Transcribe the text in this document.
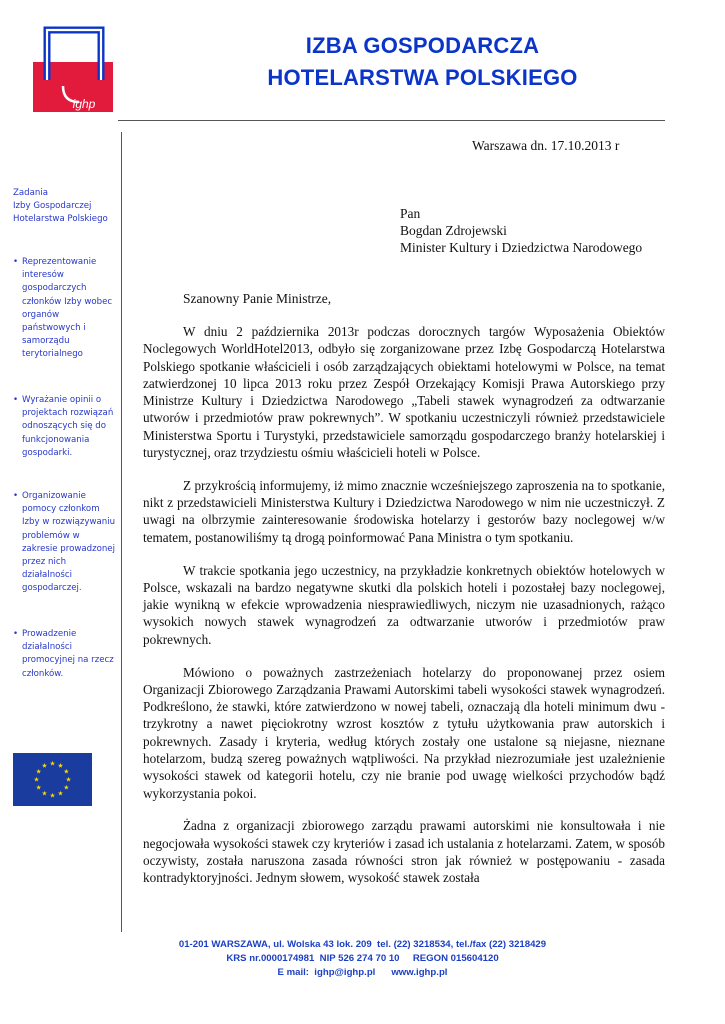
ighp
IZBA GOSPODARCZA
HOTELARSTWA POLSKIEGO
Zadania
Izby Gospodarczej
Hotelarstwa Polskiego
• Reprezentowanie
interesów
gospodarczych
członków Izby wobec
organów
państwowych i
samorządu
terytorialnego
• Wyrażanie opinii o
projektach rozwiązań
odnoszących się do
funkcjonowania
gospodarki.
• Organizowanie
pomocy członkom
Izby w rozwiązywaniu
problemów w
zakresie prowadzonej
przez nich
działalności
gospodarczej.
• Prowadzenie
działalności
promocyjnej na rzecz
członków.
Warszawa dn. 17.10.2013 r
Pan
Bogdan Zdrojewski
Minister Kultury i Dziedzictwa Narodowego
Szanowny Panie Ministrze,

W dniu 2 października 2013r podczas dorocznych targów Wyposażenia Obiektów Noclegowych WorldHotel2013, odbyło się zorganizowane przez Izbę Gospodarczą Hotelarstwa Polskiego spotkanie właścicieli i osób zarządzających obiektami hotelowymi w Polsce, na temat zatwierdzonej 10 lipca 2013 roku przez Zespół Orzekający Komisji Prawa Autorskiego przy Ministrze Kultury i Dziedzictwa Narodowego „Tabeli stawek wynagrodzeń za odtwarzanie utworów i przedmiotów praw pokrewnych”. W spotkaniu uczestniczyli również przedstawiciele Ministerstwa Sportu i Turystyki, przedstawiciele samorządu gospodarczego branży hotelarskiej i turystycznej, oraz trzydziestu ośmiu właścicieli hoteli w Polsce.

Z przykrością informujemy, iż mimo znacznie wcześniejszego zaproszenia na to spotkanie, nikt z przedstawicieli Ministerstwa Kultury i Dziedzictwa Narodowego w nim nie uczestniczył. Z uwagi na olbrzymie zainteresowanie środowiska hotelarzy i gestorów bazy noclegowej w/w tematem, postanowiliśmy tą drogą poinformować Pana Ministra o tym spotkaniu.

W trakcie spotkania jego uczestnicy, na przykładzie konkretnych obiektów hotelowych w Polsce, wskazali na bardzo negatywne skutki dla polskich hoteli i pozostałej bazy noclegowej, jakie wynikną w efekcie wprowadzenia niesprawiedliwych, niczym nie uzasadnionych, rażąco wysokich nowych stawek wynagrodzeń za odtwarzanie utworów i przedmiotów praw pokrewnych.

Mówiono o poważnych zastrzeżeniach hotelarzy do proponowanej przez osiem Organizacji Zbiorowego Zarządzania Prawami Autorskimi tabeli wysokości stawek wynagrodzeń. Podkreślono, że stawki, które zatwierdzono w nowej tabeli, oznaczają dla hoteli minimum dwu - trzykrotny a nawet pięciokrotny wzrost kosztów z tytułu użytkowania praw autorskich i pokrewnych. Zasady i kryteria, według których zostały one ustalone są niejasne, nieznane hotelarzom, budzą szereg poważnych wątpliwości. Na przykład niezrozumiałe jest uzależnienie wysokości stawek od kategorii hotelu, czy nie branie pod uwagę wielkości przychodów bądź wykorzystania pokoi.

Żadna z organizacji zbiorowego zarządu prawami autorskimi nie konsultowała i nie negocjowała wysokości stawek czy kryteriów i zasad ich ustalania z hotelarzami. Zatem, w sposób oczywisty, została naruszona zasada równości stron jak również w postępowaniu - zasada kontradyktoryjności. Jednym słowem, wysokość stawek została

01-201 WARSZAWA, ul. Wolska 43 lok. 209  tel. (22) 3218534, tel./fax (22) 3218429
KRS nr.0000174981  NIP 526 274 70 10     REGON 015604120
E mail:  ighp@ighp.pl      www.ighp.pl
